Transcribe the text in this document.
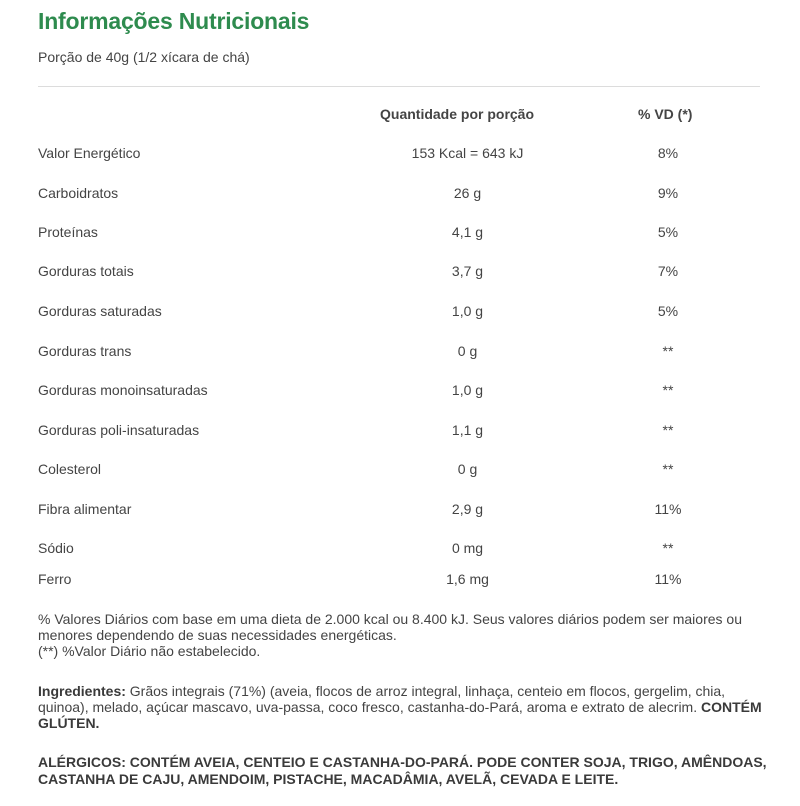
Informações Nutricionais
Porção de 40g (1/2 xícara de chá)
Quantidade por porção	% VD (*)
Valor Energético	153 Kcal = 643 kJ	8%
Carboidratos	26 g	9%
Proteínas	4,1 g	5%
Gorduras totais	3,7 g	7%
Gorduras saturadas	1,0 g	5%
Gorduras trans	0 g	**
Gorduras monoinsaturadas	1,0 g	**
Gorduras poli-insaturadas	1,1 g	**
Colesterol	0 g	**
Fibra alimentar	2,9 g	11%
Sódio	0 mg	**
Ferro	1,6 mg	11%
% Valores Diários com base em uma dieta de 2.000 kcal ou 8.400 kJ. Seus valores diários podem ser maiores ou menores dependendo de suas necessidades energéticas.
(**) %Valor Diário não estabelecido.
Ingredientes: Grãos integrais (71%) (aveia, flocos de arroz integral, linhaça, centeio em flocos, gergelim, chia, quinoa), melado, açúcar mascavo, uva-passa, coco fresco, castanha-do-Pará, aroma e extrato de alecrim. CONTÉM GLÚTEN.
ALÉRGICOS: CONTÉM AVEIA, CENTEIO E CASTANHA-DO-PARÁ. PODE CONTER SOJA, TRIGO, AMÊNDOAS, CASTANHA DE CAJU, AMENDOIM, PISTACHE, MACADÂMIA, AVELÃ, CEVADA E LEITE.
